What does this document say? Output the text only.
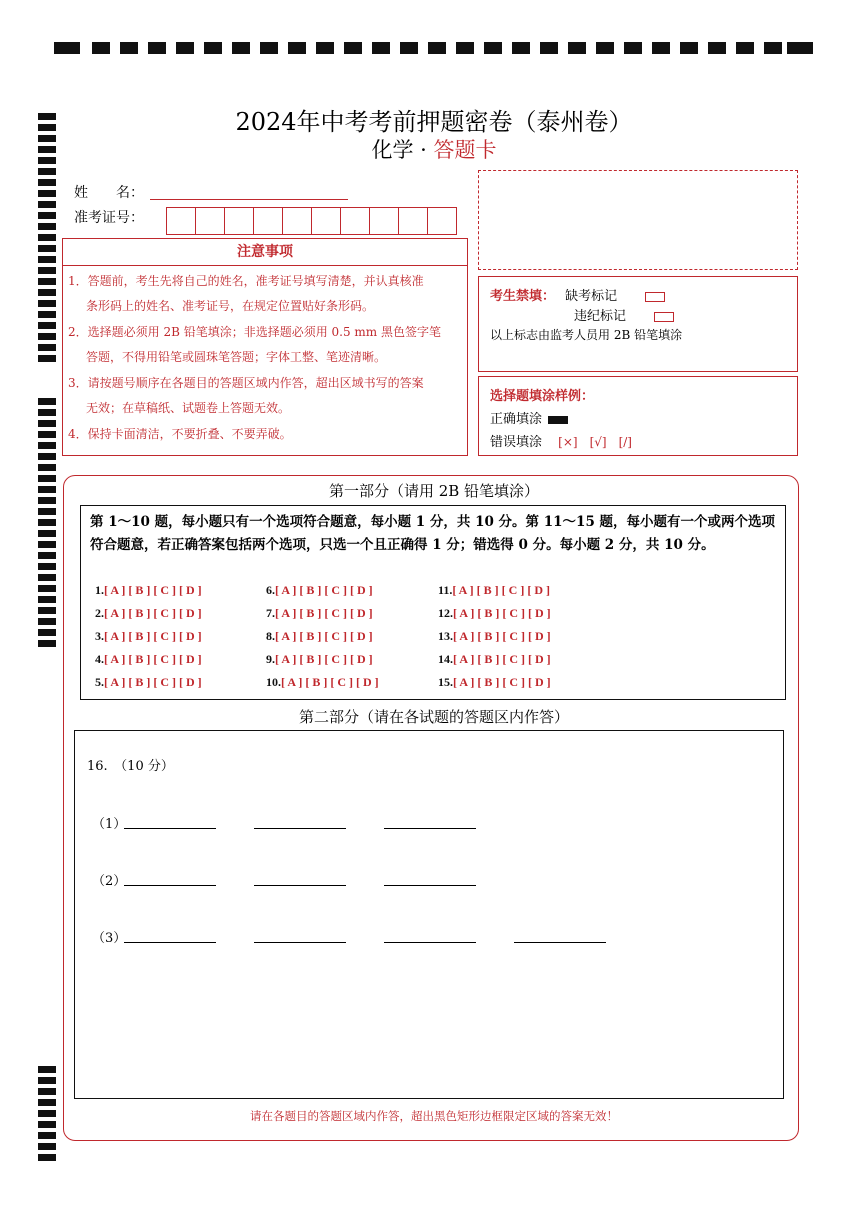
2024年中考考前押题密卷（泰州卷）
化学 · 答题卡
姓　　名：
准考证号：
注意事项
1．答题前，考生先将自己的姓名，准考证号填写清楚，并认真核准
条形码上的姓名、准考证号，在规定位置贴好条形码。
2．选择题必须用 2B 铅笔填涂；非选择题必须用 0.5 mm 黑色签字笔
答题，不得用铅笔或圆珠笔答题；字体工整、笔迹清晰。
3．请按题号顺序在各题目的答题区域内作答，超出区域书写的答案
无效；在草稿纸、试题卷上答题无效。
4．保持卡面清洁，不要折叠、不要弄破。
考生禁填： 缺考标记
违纪标记
以上标志由监考人员用 2B 铅笔填涂
选择题填涂样例：
正确填涂
错误填涂 [×]　[√]　[/]
第一部分（请用 2B 铅笔填涂）
第 1～10 题，每小题只有一个选项符合题意，每小题 1 分，共 10 分。第 11～15 题，每小题有一个或两个选项符合题意，若正确答案包括两个选项，只选一个且正确得 1 分；错选得 0 分。每小题 2 分，共 10 分。
1.[ A ] [ B ] [ C ] [ D ]
2.[ A ] [ B ] [ C ] [ D ]
3.[ A ] [ B ] [ C ] [ D ]
4.[ A ] [ B ] [ C ] [ D ]
5.[ A ] [ B ] [ C ] [ D ]
6.[ A ] [ B ] [ C ] [ D ]
7.[ A ] [ B ] [ C ] [ D ]
8.[ A ] [ B ] [ C ] [ D ]
9.[ A ] [ B ] [ C ] [ D ]
10.[ A ] [ B ] [ C ] [ D ]
11.[ A ] [ B ] [ C ] [ D ]
12.[ A ] [ B ] [ C ] [ D ]
13.[ A ] [ B ] [ C ] [ D ]
14.[ A ] [ B ] [ C ] [ D ]
15.[ A ] [ B ] [ C ] [ D ]
第二部分（请在各试题的答题区内作答）
16.　（10 分）
（1）
（2）
（3）
请在各题目的答题区域内作答，超出黑色矩形边框限定区域的答案无效！
